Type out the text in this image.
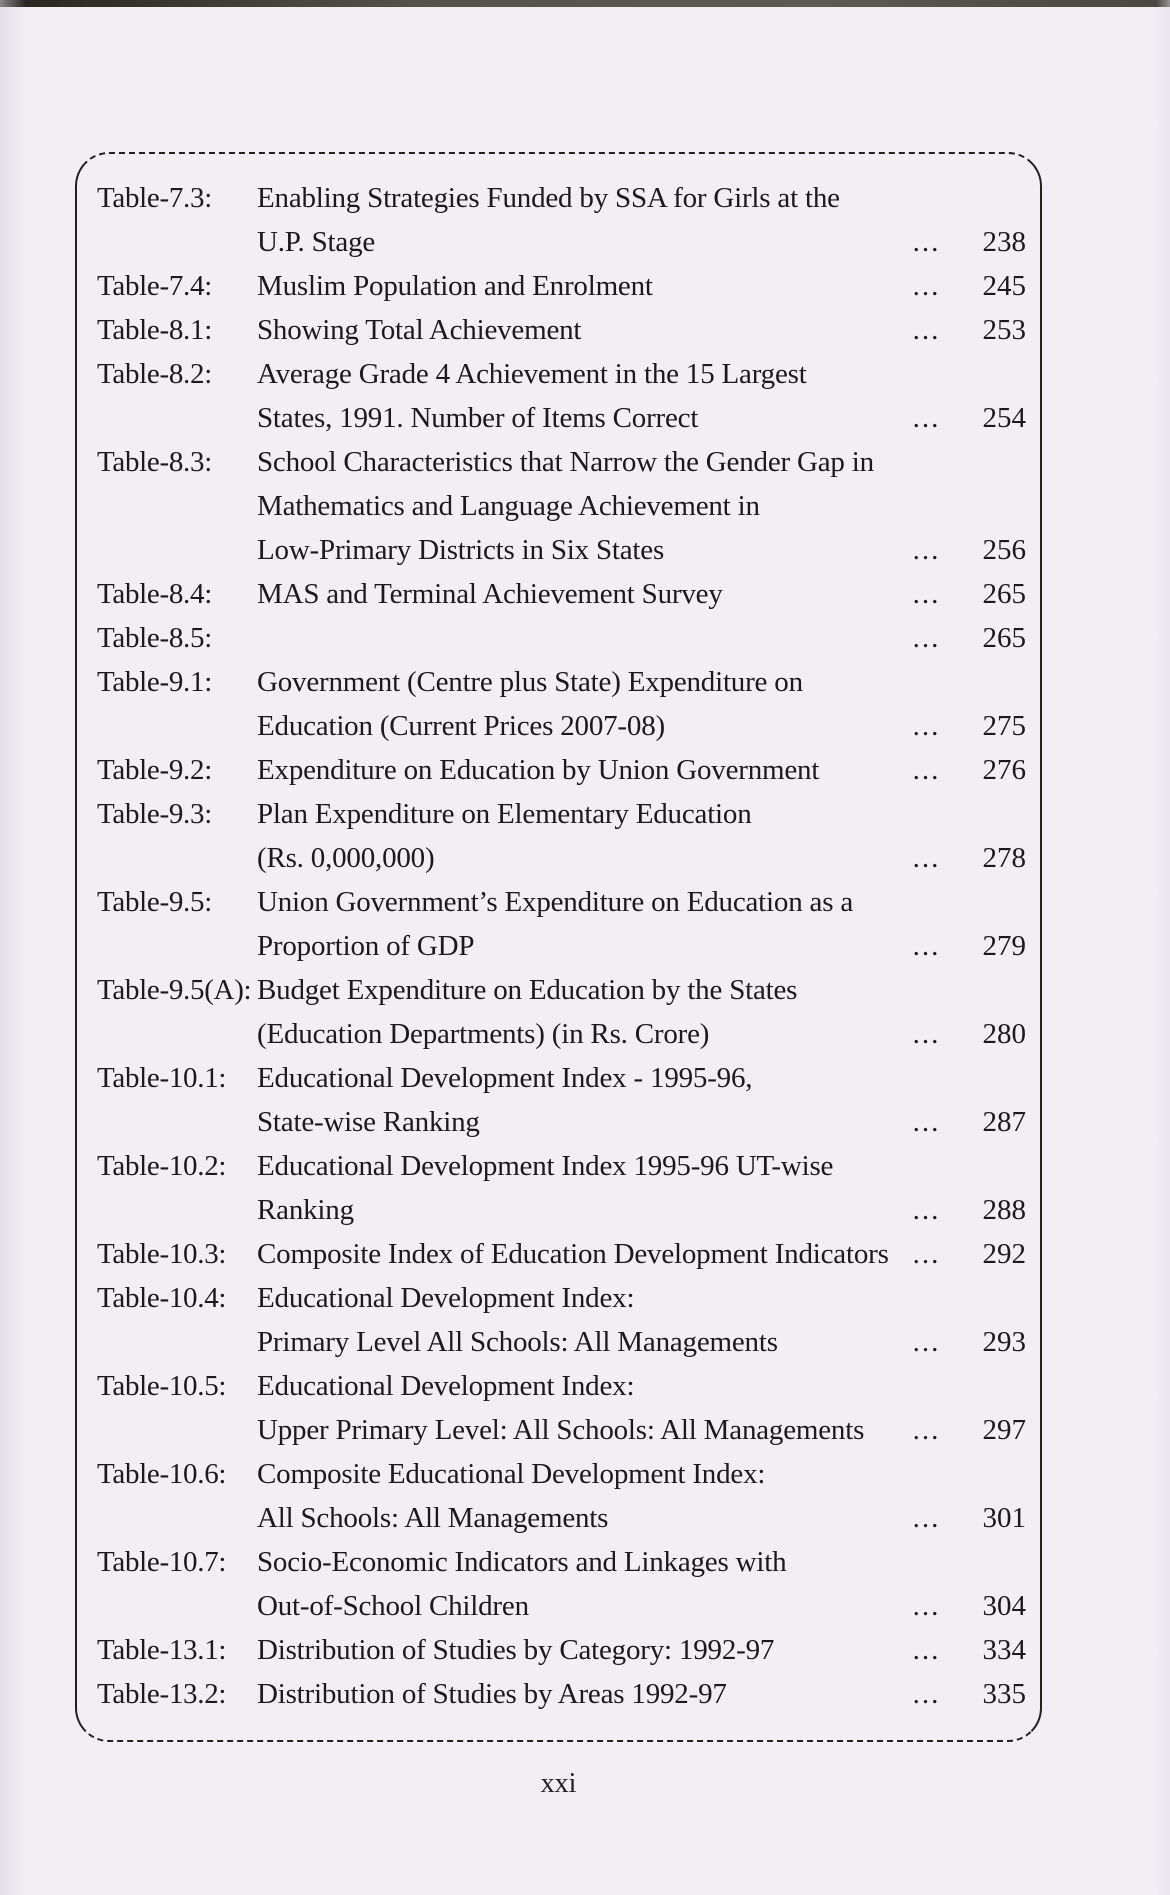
Table-7.3:	Enabling Strategies Funded by SSA for Girls at the
U.P. Stage	...	238
Table-7.4:	Muslim Population and Enrolment	...	245
Table-8.1:	Showing Total Achievement	...	253
Table-8.2:	Average Grade 4 Achievement in the 15 Largest
States, 1991. Number of Items Correct	...	254
Table-8.3:	School Characteristics that Narrow the Gender Gap in
Mathematics and Language Achievement in
Low-Primary Districts in Six States	...	256
Table-8.4:	MAS and Terminal Achievement Survey	...	265
Table-8.5:	...	265
Table-9.1:	Government (Centre plus State) Expenditure on
Education (Current Prices 2007-08)	...	275
Table-9.2:	Expenditure on Education by Union Government	...	276
Table-9.3:	Plan Expenditure on Elementary Education
(Rs. 0,000,000)	...	278
Table-9.5:	Union Government’s Expenditure on Education as a
Proportion of GDP	...	279
Table-9.5(A): Budget Expenditure on Education by the States
(Education Departments) (in Rs. Crore)	...	280
Table-10.1:	Educational Development Index - 1995-96,
State-wise Ranking	...	287
Table-10.2:	Educational Development Index 1995-96 UT-wise
Ranking	...	288
Table-10.3:	Composite Index of Education Development Indicators ...	292
Table-10.4:	Educational Development Index:
Primary Level All Schools: All Managements	...	293
Table-10.5:	Educational Development Index:
Upper Primary Level: All Schools: All Managements	...	297
Table-10.6:	Composite Educational Development Index:
All Schools: All Managements	...	301
Table-10.7:	Socio-Economic Indicators and Linkages with
Out-of-School Children	...	304
Table-13.1:	Distribution of Studies by Category: 1992-97	...	334
Table-13.2:	Distribution of Studies by Areas 1992-97	...	335
xxi
